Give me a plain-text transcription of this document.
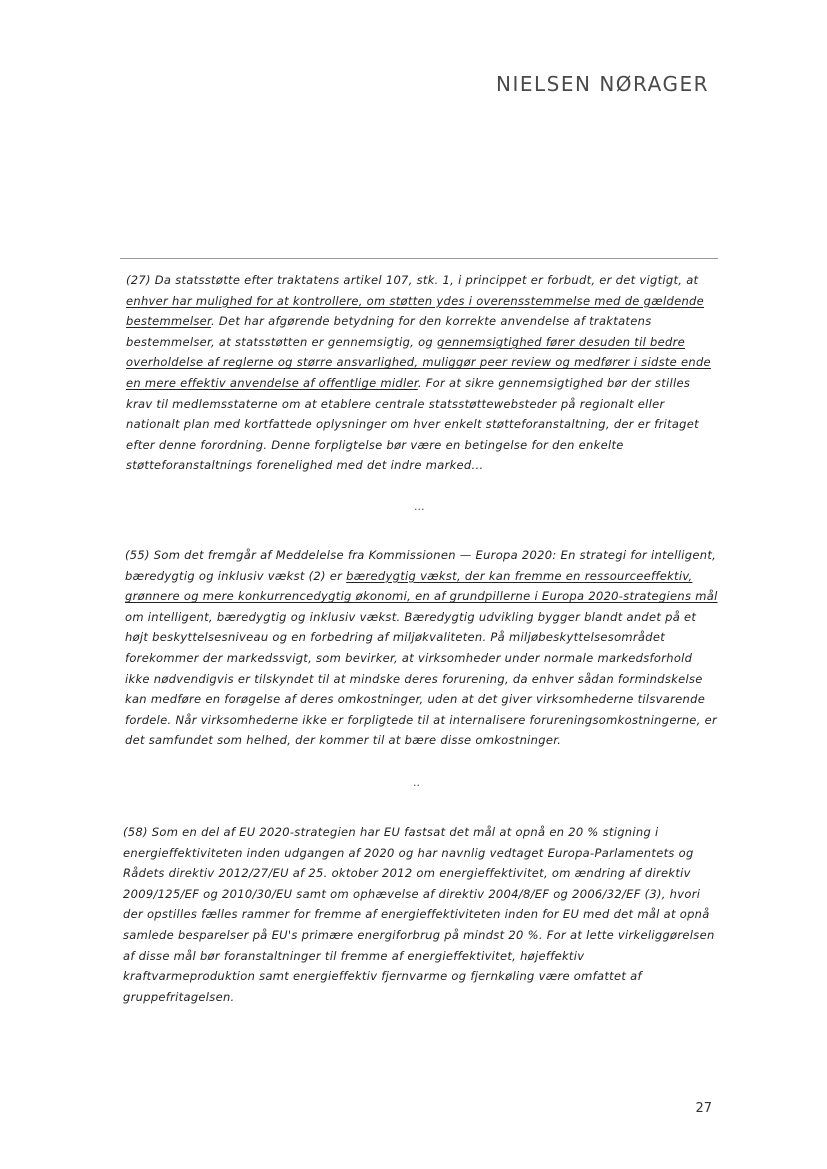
NIELSEN NØRAGER
(27) Da statsstøtte efter traktatens artikel 107, stk. 1, i princippet er forbudt, er det vigtigt, at enhver har mulighed for at kontrollere, om støtten ydes i overensstemmelse med de gældende bestemmelser. Det har afgørende betydning for den korrekte anvendelse af traktatens bestemmelser, at statsstøtten er gennemsigtig, og gennemsigtighed fører desuden til bedre overholdelse af reglerne og større ansvarlighed, muliggør peer review og medfører i sidste ende en mere effektiv anvendelse af offentlige midler. For at sikre gennemsigtighed bør der stilles krav til medlemsstaterne om at etablere centrale statsstøttewebsteder på regionalt eller nationalt plan med kortfattede oplysninger om hver enkelt støtteforanstaltning, der er fritaget efter denne forordning. Denne forpligtelse bør være en betingelse for den enkelte støtteforanstaltnings forenelighed med det indre marked...
...
(55) Som det fremgår af Meddelelse fra Kommissionen — Europa 2020: En strategi for intelligent, bæredygtig og inklusiv vækst (2) er bæredygtig vækst, der kan fremme en ressourceeffektiv, grønnere og mere konkurrencedygtig økonomi, en af grundpillerne i Europa 2020-strategiens mål om intelligent, bæredygtig og inklusiv vækst. Bæredygtig udvikling bygger blandt andet på et højt beskyttelsesniveau og en forbedring af miljøkvaliteten. På miljøbeskyttelsesområdet forekommer der markedssvigt, som bevirker, at virksomheder under normale markedsforhold ikke nødvendigvis er tilskyndet til at mindske deres forurening, da enhver sådan formindskelse kan medføre en forøgelse af deres omkostninger, uden at det giver virksomhederne tilsvarende fordele. Når virksomhederne ikke er forpligtede til at internalisere forureningsomkostningerne, er det samfundet som helhed, der kommer til at bære disse omkostninger.
..
(58) Som en del af EU 2020-strategien har EU fastsat det mål at opnå en 20 % stigning i energieffektiviteten inden udgangen af 2020 og har navnlig vedtaget Europa-Parlamentets og Rådets direktiv 2012/27/EU af 25. oktober 2012 om energieffektivitet, om ændring af direktiv 2009/125/EF og 2010/30/EU samt om ophævelse af direktiv 2004/8/EF og 2006/32/EF (3), hvori der opstilles fælles rammer for fremme af energieffektiviteten inden for EU med det mål at opnå samlede besparelser på EU's primære energiforbrug på mindst 20 %. For at lette virkeliggørelsen af disse mål bør foranstaltninger til fremme af energieffektivitet, højeffektiv kraftvarmeproduktion samt energieffektiv fjernvarme og fjernkøling være omfattet af gruppefritagelsen.
27
